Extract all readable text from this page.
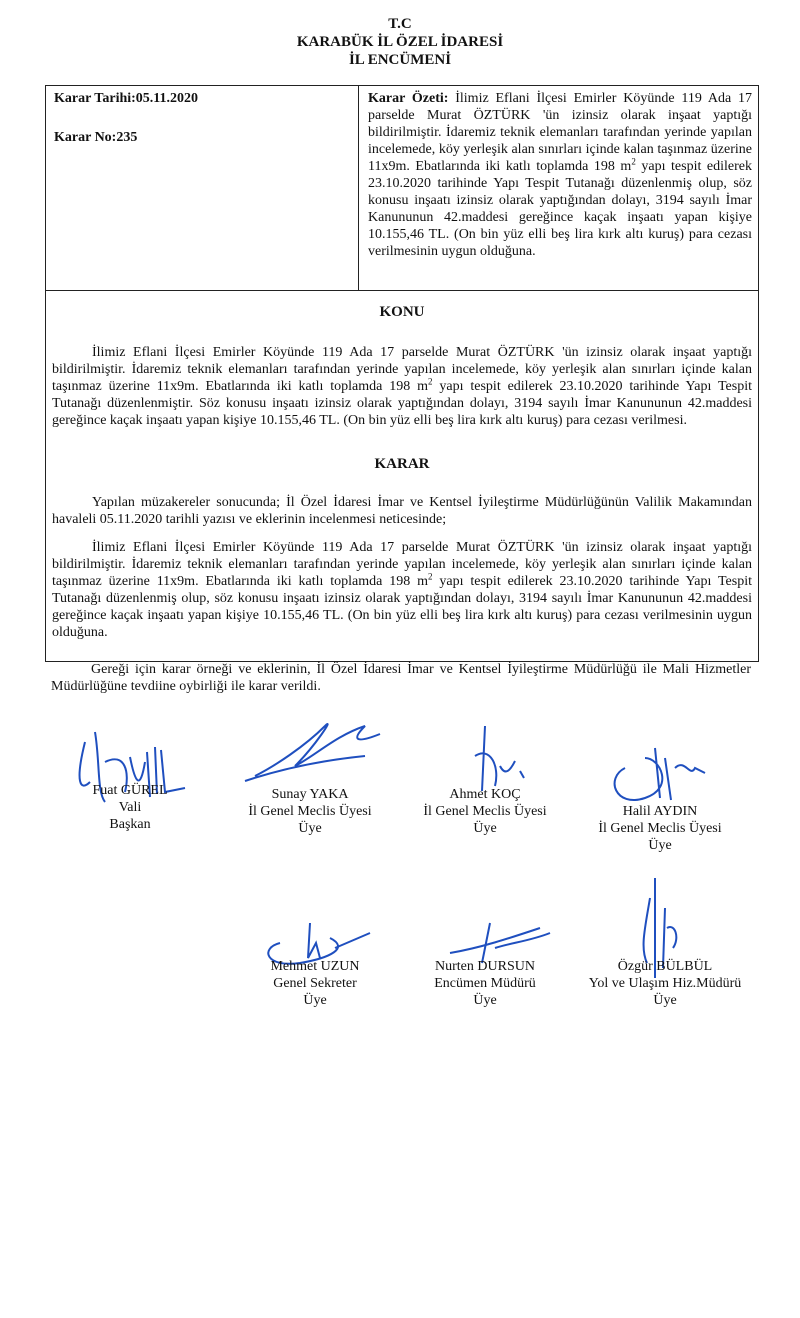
T.C
KARABÜK İL ÖZEL İDARESİ
İL ENCÜMENİ
Karar Tarihi:05.11.2020
Karar No:235
Karar Özeti: İlimiz Eflani İlçesi Emirler Köyünde 119 Ada 17 parselde Murat ÖZTÜRK 'ün izinsiz olarak inşaat yaptığı bildirilmiştir. İdaremiz teknik elemanları tarafından yerinde yapılan incelemede, köy yerleşik alan sınırları içinde kalan taşınmaz üzerine 11x9m. Ebatlarında iki katlı toplamda 198 $m^2$ yapı tespit edilerek 23.10.2020 tarihinde Yapı Tespit Tutanağı düzenlenmiş olup, söz konusu inşaatı izinsiz olarak yaptığından dolayı, 3194 sayılı İmar Kanununun 42.maddesi gereğince kaçak inşaatı yapan kişiye 10.155,46 TL. (On bin yüz elli beş lira kırk altı kuruş) para cezası verilmesinin uygun olduğuna.
KONU
İlimiz Eflani İlçesi Emirler Köyünde 119 Ada 17 parselde Murat ÖZTÜRK 'ün izinsiz olarak inşaat yaptığı bildirilmiştir. İdaremiz teknik elemanları tarafından yerinde yapılan incelemede, köy yerleşik alan sınırları içinde kalan taşınmaz üzerine 11x9m. Ebatlarında iki katlı toplamda 198 $m^2$ yapı tespit edilerek 23.10.2020 tarihinde Yapı Tespit Tutanağı düzenlenmiştir. Söz konusu inşaatı izinsiz olarak yaptığından dolayı, 3194 sayılı İmar Kanununun 42.maddesi gereğince kaçak inşaatı yapan kişiye 10.155,46 TL. (On bin yüz elli beş lira kırk altı kuruş) para cezası verilmesi.
KARAR
Yapılan müzakereler sonucunda; İl Özel İdaresi İmar ve Kentsel İyileştirme Müdürlüğünün Valilik Makamından havaleli 05.11.2020 tarihli yazısı ve eklerinin incelenmesi neticesinde;
İlimiz Eflani İlçesi Emirler Köyünde 119 Ada 17 parselde Murat ÖZTÜRK 'ün izinsiz olarak inşaat yaptığı bildirilmiştir. İdaremiz teknik elemanları tarafından yerinde yapılan incelemede, köy yerleşik alan sınırları içinde kalan taşınmaz üzerine 11x9m. Ebatlarında iki katlı toplamda 198 $m^2$ yapı tespit edilerek 23.10.2020 tarihinde Yapı Tespit Tutanağı düzenlenmiş olup, söz konusu inşaatı izinsiz olarak yaptığından dolayı, 3194 sayılı İmar Kanununun 42.maddesi gereğince kaçak inşaatı yapan kişiye 10.155,46 TL. (On bin yüz elli beş lira kırk altı kuruş) para cezası verilmesinin uygun olduğuna.
Gereği için karar örneği ve eklerinin, İl Özel İdaresi İmar ve Kentsel İyileştirme Müdürlüğü ile Mali Hizmetler Müdürlüğüne tevdiine oybirliği ile karar verildi.
Fuat GÜREL
Vali
Başkan
Sunay YAKA
İl Genel Meclis Üyesi
Üye
Ahmet KOÇ
İl Genel Meclis Üyesi
Üye
Halil AYDIN
İl Genel Meclis Üyesi
Üye
Mehmet UZUN
Genel Sekreter
Üye
Nurten DURSUN
Encümen Müdürü
Üye
Özgür BÜLBÜL
Yol ve Ulaşım Hiz.Müdürü
Üye
